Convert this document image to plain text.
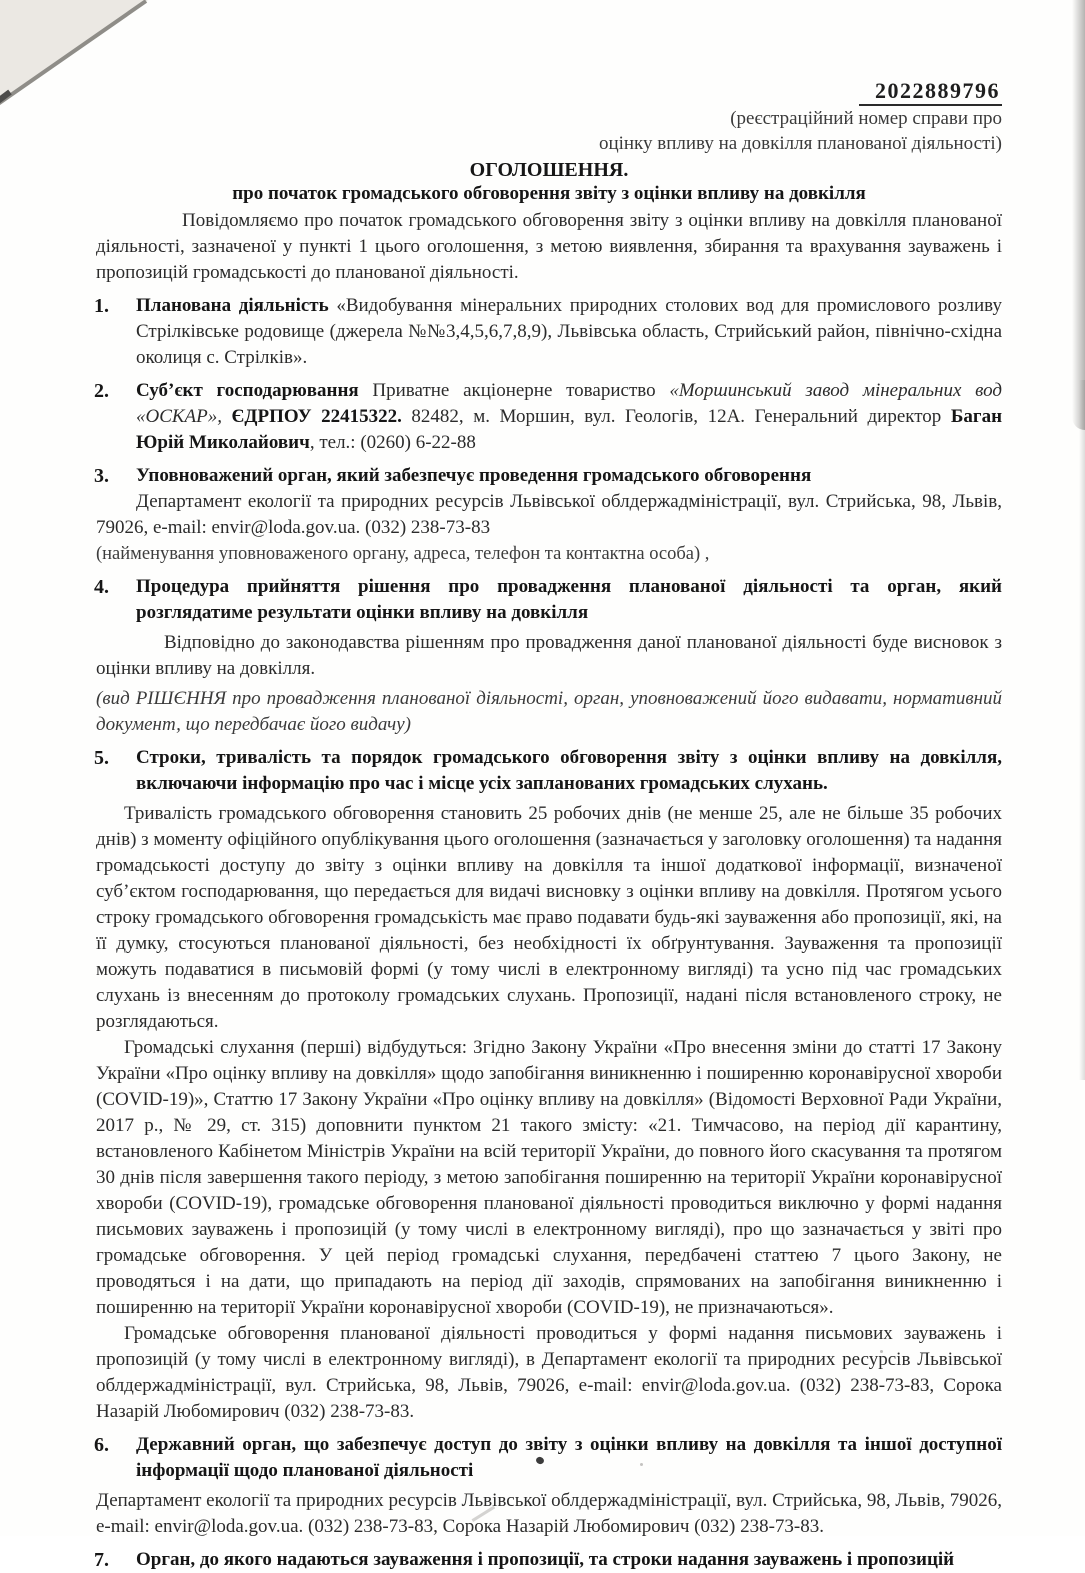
2022889796
(реєстраційний номер справи про
оцінку впливу на довкілля планованої діяльності)
ОГОЛОШЕННЯ.
про початок громадського обговорення звіту з оцінки впливу на довкілля

Повідомляємо про початок громадського обговорення звіту з оцінки впливу на довкілля планованої діяльності, зазначеної у пункті 1 цього оголошення, з метою виявлення, збирання та врахування зауважень і пропозицій громадськості до планованої діяльності.

1. Планована діяльність «Видобування мінеральних природних столових вод для промислового розливу Стрілківське родовище (джерела №№3,4,5,6,7,8,9), Львівська область, Стрийський район, північно-східна околиця с. Стрілків».

2. Суб’єкт господарювання Приватне акціонерне товариство «Моршинський завод мінеральних вод «ОСКАР», ЄДРПОУ 22415322. 82482, м. Моршин, вул. Геологів, 12А. Генеральний директор Баган Юрій Миколайович, тел.: (0260) 6-22-88

3. Уповноважений орган, який забезпечує проведення громадського обговорення

Департамент екології та природних ресурсів Львівської облдержадміністрації, вул. Стрийська, 98, Львів, 79026, e-mail: envir@loda.gov.ua. (032) 238-73-83

(найменування уповноваженого органу, адреса, телефон та контактна особа) ,

4. Процедура прийняття рішення про провадження планованої діяльності та орган, який розглядатиме результати оцінки впливу на довкілля

Відповідно до законодавства рішенням про провадження даної планованої діяльності буде висновок з оцінки впливу на довкілля.

(вид РІШЄННЯ про провадження планованої діяльності, орган, уповноважений його видавати, нормативний документ, що передбачає його видачу)

5. Строки, тривалість та порядок громадського обговорення звіту з оцінки впливу на довкілля, включаючи інформацію про час і місце усіх запланованих громадських слухань.

Тривалість громадського обговорення становить 25 робочих днів (не менше 25, але не більше 35 робочих днів) з моменту офіційного опублікування цього оголошення (зазначається у заголовку оголошення) та надання громадськості доступу до звіту з оцінки впливу на довкілля та іншої додаткової інформації, визначеної суб’єктом господарювання, що передається для видачі висновку з оцінки впливу на довкілля. Протягом усього строку громадського обговорення громадськість має право подавати будь-які зауваження або пропозиції, які, на її думку, стосуються планованої діяльності, без необхідності їх обґрунтування. Зауваження та пропозиції можуть подаватися в письмовій формі (у тому числі в електронному вигляді) та усно під час громадських слухань із внесенням до протоколу громадських слухань. Пропозиції, надані після встановленого строку, не розглядаються.

Громадські слухання (перші) відбудуться: Згідно Закону України «Про внесення зміни до статті 17 Закону України «Про оцінку впливу на довкілля» щодо запобігання виникненню і поширенню коронавірусної хвороби (COVID-19)», Статтю 17 Закону України «Про оцінку впливу на довкілля» (Відомості Верховної Ради України, 2017 р., № 29, ст. 315) доповнити пунктом 21 такого змісту: «21. Тимчасово, на період дії карантину, встановленого Кабінетом Міністрів України на всій території України, до повного його скасування та протягом 30 днів після завершення такого періоду, з метою запобігання поширенню на території України коронавірусної хвороби (COVID-19), громадське обговорення планованої діяльності проводиться виключно у формі надання письмових зауважень і пропозицій (у тому числі в електронному вигляді), про що зазначається у звіті про громадське обговорення. У цей період громадські слухання, передбачені статтею 7 цього Закону, не проводяться і на дати, що припадають на період дії заходів, спрямованих на запобігання виникненню і поширенню на території України коронавірусної хвороби (COVID-19), не призначаються».

Громадське обговорення планованої діяльності проводиться у формі надання письмових зауважень і пропозицій (у тому числі в електронному вигляді), в Департамент екології та природних ресурсів Львівської облдержадміністрації, вул. Стрийська, 98, Львів, 79026, e-mail: envir@loda.gov.ua. (032) 238-73-83, Сорока Назарій Любомирович (032) 238-73-83.

6. Державний орган, що забезпечує доступ до звіту з оцінки впливу на довкілля та іншої доступної інформації щодо планованої діяльності

Департамент екології та природних ресурсів Львівської облдержадміністрації, вул. Стрийська, 98, Львів, 79026, e-mail: envir@loda.gov.ua. (032) 238-73-83, Сорока Назарій Любомирович (032) 238-73-83.

7. Орган, до якого надаються зауваження і пропозиції, та строки надання зауважень і пропозицій
